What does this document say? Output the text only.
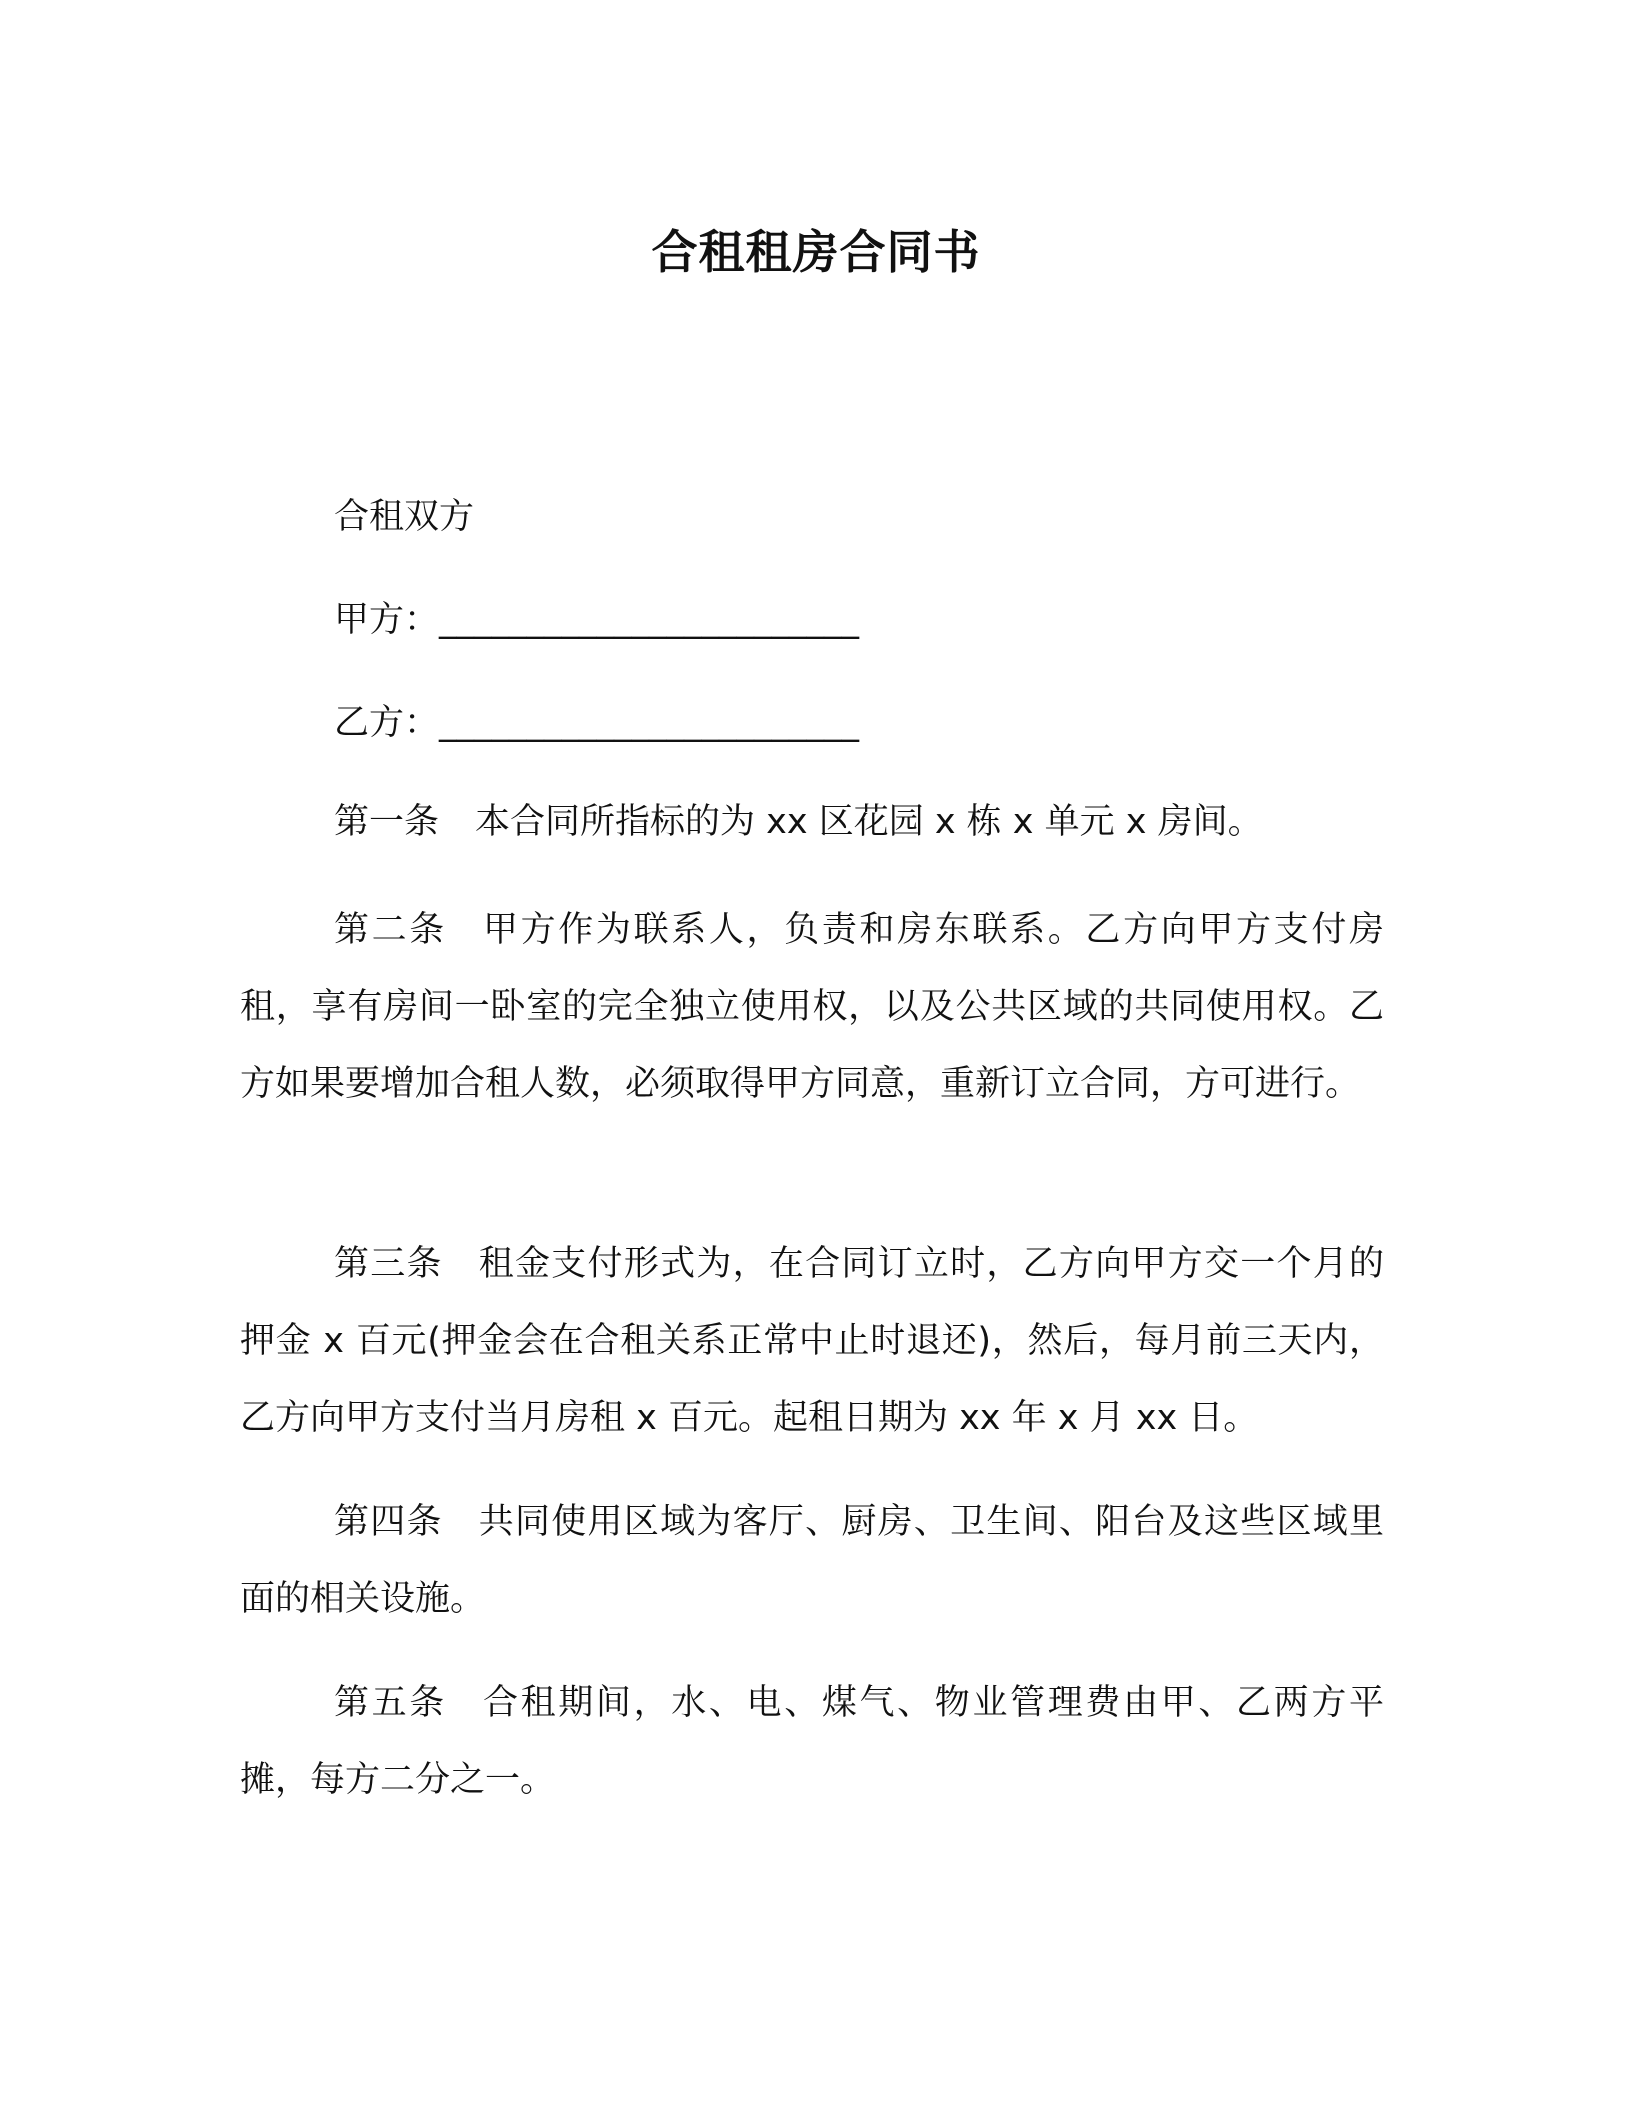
合租租房合同书
合租双方
甲方：________________________
乙方：________________________

第一条 本合同所指标的为 xx 区花园 x 栋 x 单元 x 房间。

第二条 甲方作为联系人，负责和房东联系。乙方向甲方支付房租，享有房间一卧室的完全独立使用权，以及公共区域的共同使用权。乙方如果要增加合租人数，必须取得甲方同意，重新订立合同，方可进行。

第三条 租金支付形式为，在合同订立时，乙方向甲方交一个月的押金 x 百元(押金会在合租关系正常中止时退还)，然后，每月前三天内，乙方向甲方支付当月房租 x 百元。起租日期为 xx 年 x 月 xx 日。

第四条 共同使用区域为客厅、厨房、卫生间、阳台及这些区域里面的相关设施。

第五条 合租期间，水、电、煤气、物业管理费由甲、乙两方平摊，每方二分之一。
